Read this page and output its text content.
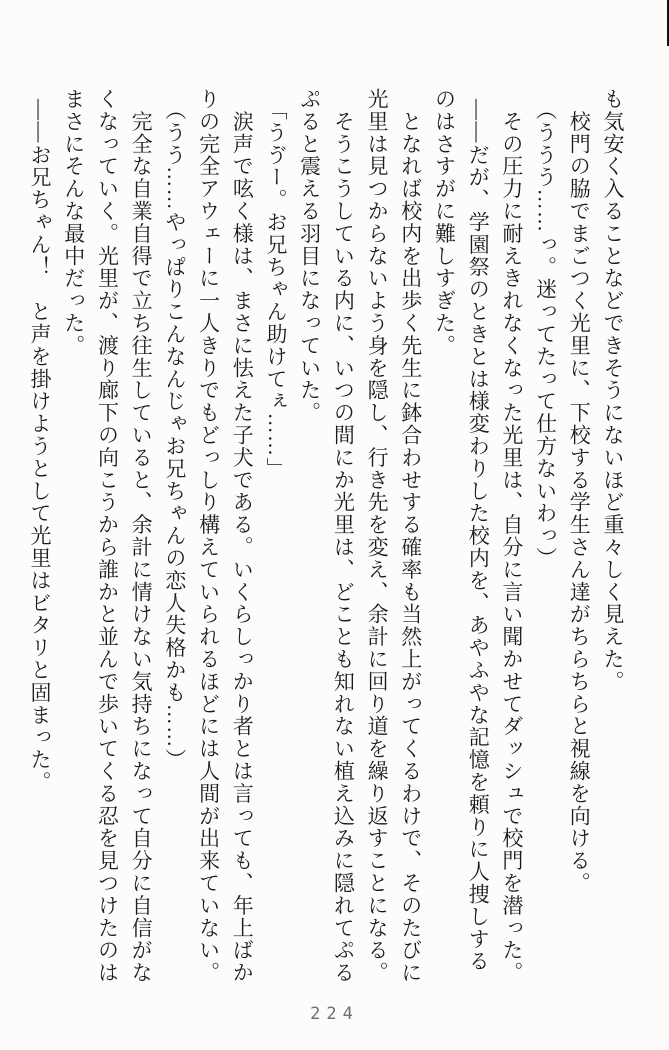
も気安く入ることなどできそうにないほど重々しく見えた。

　校門の脇でまごつく光里に、下校する学生さん達がちらちらと視線を向ける。

（ううう……っ。迷ってたって仕方ないわっ）

　その圧力に耐えきれなくなった光里は、自分に言い聞かせてダッシュで校門を潜った。

――だが、学園祭のときとは様変わりした校内を、あやふやな記憶を頼りに人捜しする

のはさすがに難しすぎた。

　となれば校内を出歩く先生に鉢合わせする確率も当然上がってくるわけで、そのたびに

光里は見つからないよう身を隠し、行き先を変え、余計に回り道を繰り返すことになる。

　そうこうしている内に、いつの間にか光里は、どことも知れない植え込みに隠れてぷる

ぷると震える羽目になっていた。

「うゔー。お兄ちゃん助けてぇ……」

　涙声で呟く様は、まさに怯えた子犬である。いくらしっかり者とは言っても、年上ばか

りの完全アウェーに一人きりでもどっしり構えていられるほどには人間が出来ていない。

（うう……やっぱりこんなんじゃお兄ちゃんの恋人失格かも……）

　完全な自業自得で立ち往生していると、余計に情けない気持ちになって自分に自信がな

くなっていく。光里が、渡り廊下の向こうから誰かと並んで歩いてくる忍を見つけたのは

まさにそんな最中だった。

――お兄ちゃん！　と声を掛けようとして光里はビタリと固まった。

224
